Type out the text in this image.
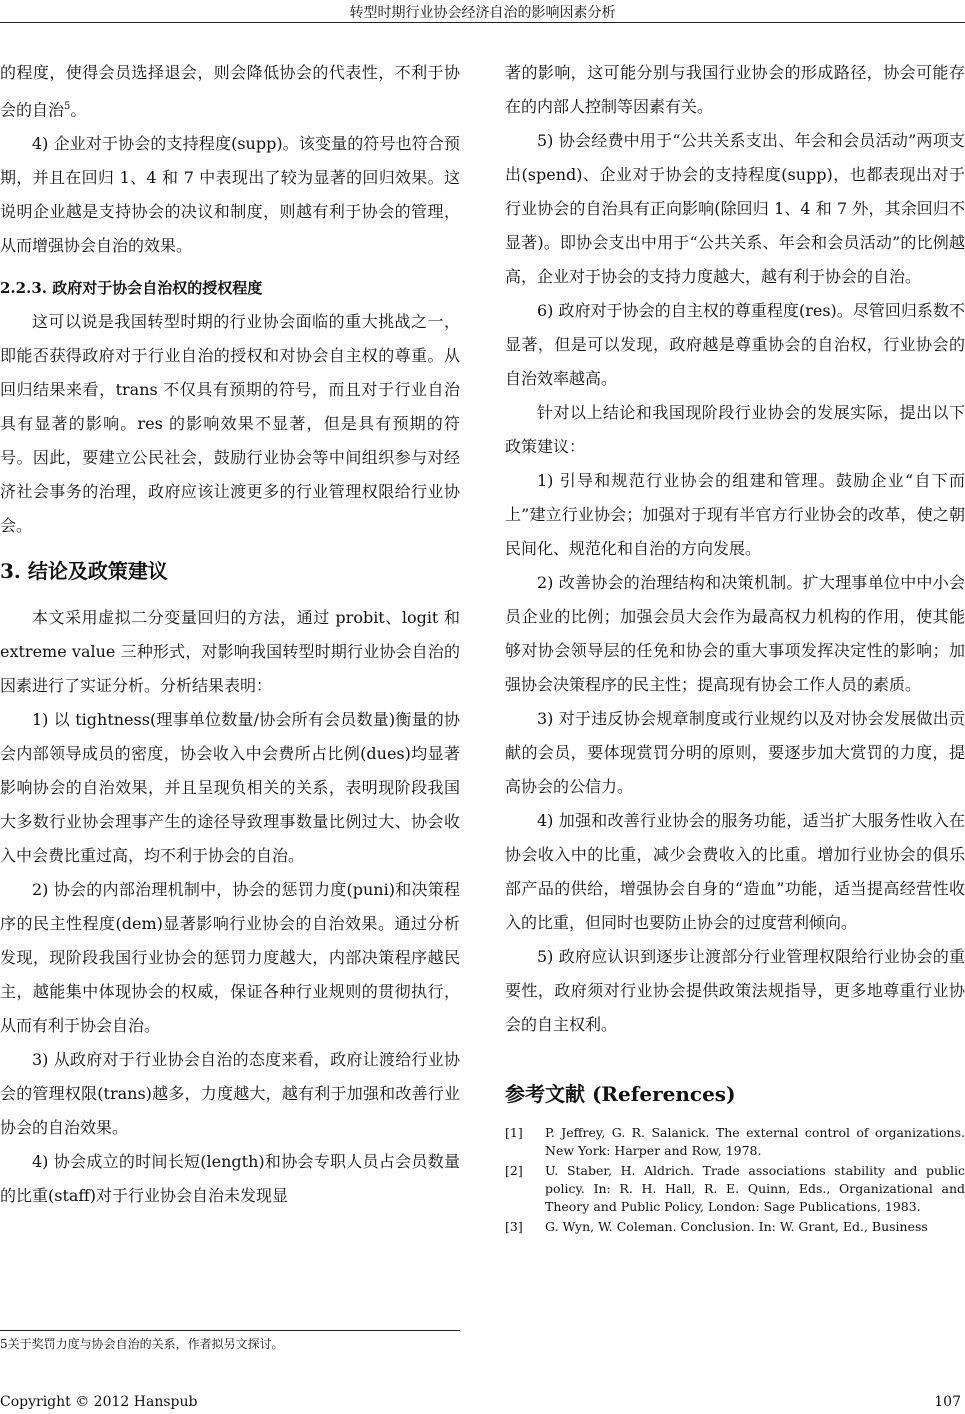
转型时期行业协会经济自治的影响因素分析

的程度，使得会员选择退会，则会降低协会的代表性，不利于协会的自治$^5$。

4) 企业对于协会的支持程度(supp)。该变量的符号也符合预期，并且在回归 1、4 和 7 中表现出了较为显著的回归效果。这说明企业越是支持协会的决议和制度，则越有利于协会的管理，从而增强协会自治的效果。

2.2.3. 政府对于协会自治权的授权程度

这可以说是我国转型时期的行业协会面临的重大挑战之一，即能否获得政府对于行业自治的授权和对协会自主权的尊重。从回归结果来看，trans 不仅具有预期的符号，而且对于行业自治具有显著的影响。res 的影响效果不显著，但是具有预期的符号。因此，要建立公民社会，鼓励行业协会等中间组织参与对经济社会事务的治理，政府应该让渡更多的行业管理权限给行业协会。

3. 结论及政策建议

本文采用虚拟二分变量回归的方法，通过 probit、logit 和 extreme value 三种形式，对影响我国转型时期行业协会自治的因素进行了实证分析。分析结果表明：

1) 以 tightness(理事单位数量/协会所有会员数量)衡量的协会内部领导成员的密度，协会收入中会费所占比例(dues)均显著影响协会的自治效果，并且呈现负相关的关系，表明现阶段我国大多数行业协会理事产生的途径导致理事数量比例过大、协会收入中会费比重过高，均不利于协会的自治。

2) 协会的内部治理机制中，协会的惩罚力度(puni)和决策程序的民主性程度(dem)显著影响行业协会的自治效果。通过分析发现，现阶段我国行业协会的惩罚力度越大，内部决策程序越民主，越能集中体现协会的权威，保证各种行业规则的贯彻执行，从而有利于协会自治。

3) 从政府对于行业协会自治的态度来看，政府让渡给行业协会的管理权限(trans)越多，力度越大，越有利于加强和改善行业协会的自治效果。

4) 协会成立的时间长短(length)和协会专职人员占会员数量的比重(staff)对于行业协会自治未发现显

著的影响，这可能分别与我国行业协会的形成路径，协会可能存在的内部人控制等因素有关。

5) 协会经费中用于“公共关系支出、年会和会员活动”两项支出(spend)、企业对于协会的支持程度(supp)，也都表现出对于行业协会的自治具有正向影响(除回归 1、4 和 7 外，其余回归不显著)。即协会支出中用于“公共关系、年会和会员活动”的比例越高，企业对于协会的支持力度越大，越有利于协会的自治。

6) 政府对于协会的自主权的尊重程度(res)。尽管回归系数不显著，但是可以发现，政府越是尊重协会的自治权，行业协会的自治效率越高。

针对以上结论和我国现阶段行业协会的发展实际，提出以下政策建议：

1) 引导和规范行业协会的组建和管理。鼓励企业“自下而上”建立行业协会；加强对于现有半官方行业协会的改革，使之朝民间化、规范化和自治的方向发展。

2) 改善协会的治理结构和决策机制。扩大理事单位中中小会员企业的比例；加强会员大会作为最高权力机构的作用，使其能够对协会领导层的任免和协会的重大事项发挥决定性的影响；加强协会决策程序的民主性；提高现有协会工作人员的素质。

3) 对于违反协会规章制度或行业规约以及对协会发展做出贡献的会员，要体现赏罚分明的原则，要逐步加大赏罚的力度，提高协会的公信力。

4) 加强和改善行业协会的服务功能，适当扩大服务性收入在协会收入中的比重，减少会费收入的比重。增加行业协会的俱乐部产品的供给，增强协会自身的“造血”功能，适当提高经营性收入的比重，但同时也要防止协会的过度营利倾向。

5) 政府应认识到逐步让渡部分行业管理权限给行业协会的重要性，政府须对行业协会提供政策法规指导，更多地尊重行业协会的自主权利。

参考文献 (References)

[1]	P. Jeffrey, G. R. Salanick. The external control of organizations. New York: Harper and Row, 1978.
[2]	U. Staber, H. Aldrich. Trade associations stability and public policy. In: R. H. Hall, R. E. Quinn, Eds., Organizational and Theory and Public Policy, London: Sage Publications, 1983.
[3]	G. Wyn, W. Coleman. Conclusion. In: W. Grant, Ed., Business
5关于奖罚力度与协会自治的关系，作者拟另文探讨。
Copyright © 2012 Hanspub	107
